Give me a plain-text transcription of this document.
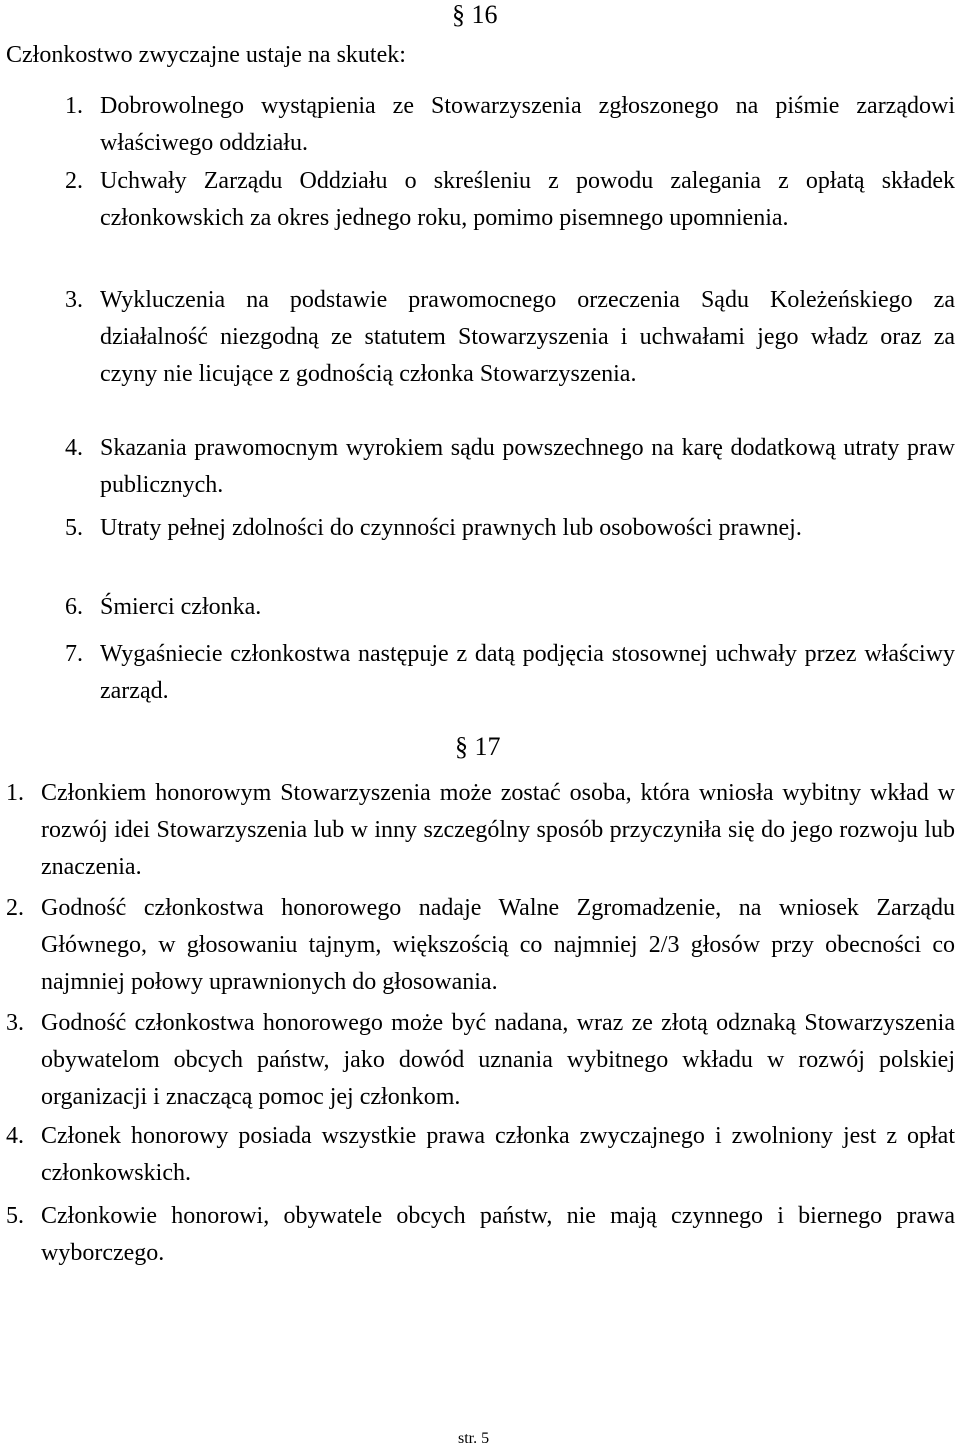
§ 16
Członkostwo zwyczajne ustaje na skutek:
1. Dobrowolnego wystąpienia ze Stowarzyszenia zgłoszonego na piśmie zarządowi właściwego oddziału.
2. Uchwały Zarządu Oddziału o skreśleniu z powodu zalegania z opłatą składek członkowskich za okres jednego roku, pomimo pisemnego upomnienia.
3. Wykluczenia na podstawie prawomocnego orzeczenia Sądu Koleżeńskiego za działalność niezgodną ze statutem Stowarzyszenia i uchwałami jego władz oraz za czyny nie licujące z godnością członka Stowarzyszenia.
4. Skazania prawomocnym wyrokiem sądu powszechnego na karę dodatkową utraty praw publicznych.
5. Utraty pełnej zdolności do czynności prawnych lub osobowości prawnej.
6. Śmierci członka.
7. Wygaśniecie członkostwa następuje z datą podjęcia stosownej uchwały przez właściwy zarząd.
§ 17
1. Członkiem honorowym Stowarzyszenia może zostać osoba, która wniosła wybitny wkład w rozwój idei Stowarzyszenia lub w inny szczególny sposób przyczyniła się do jego rozwoju lub znaczenia.
2. Godność członkostwa honorowego nadaje Walne Zgromadzenie, na wniosek Zarządu Głównego, w głosowaniu tajnym, większością co najmniej 2/3 głosów przy obecności co najmniej połowy uprawnionych do głosowania.
3. Godność członkostwa honorowego może być nadana, wraz ze złotą odznaką Stowarzyszenia obywatelom obcych państw, jako dowód uznania wybitnego wkładu w rozwój polskiej organizacji i znaczącą pomoc jej członkom.
4. Członek honorowy posiada wszystkie prawa członka zwyczajnego i zwolniony jest z opłat członkowskich.
5. Członkowie honorowi, obywatele obcych państw, nie mają czynnego i biernego prawa wyborczego.
str. 5
